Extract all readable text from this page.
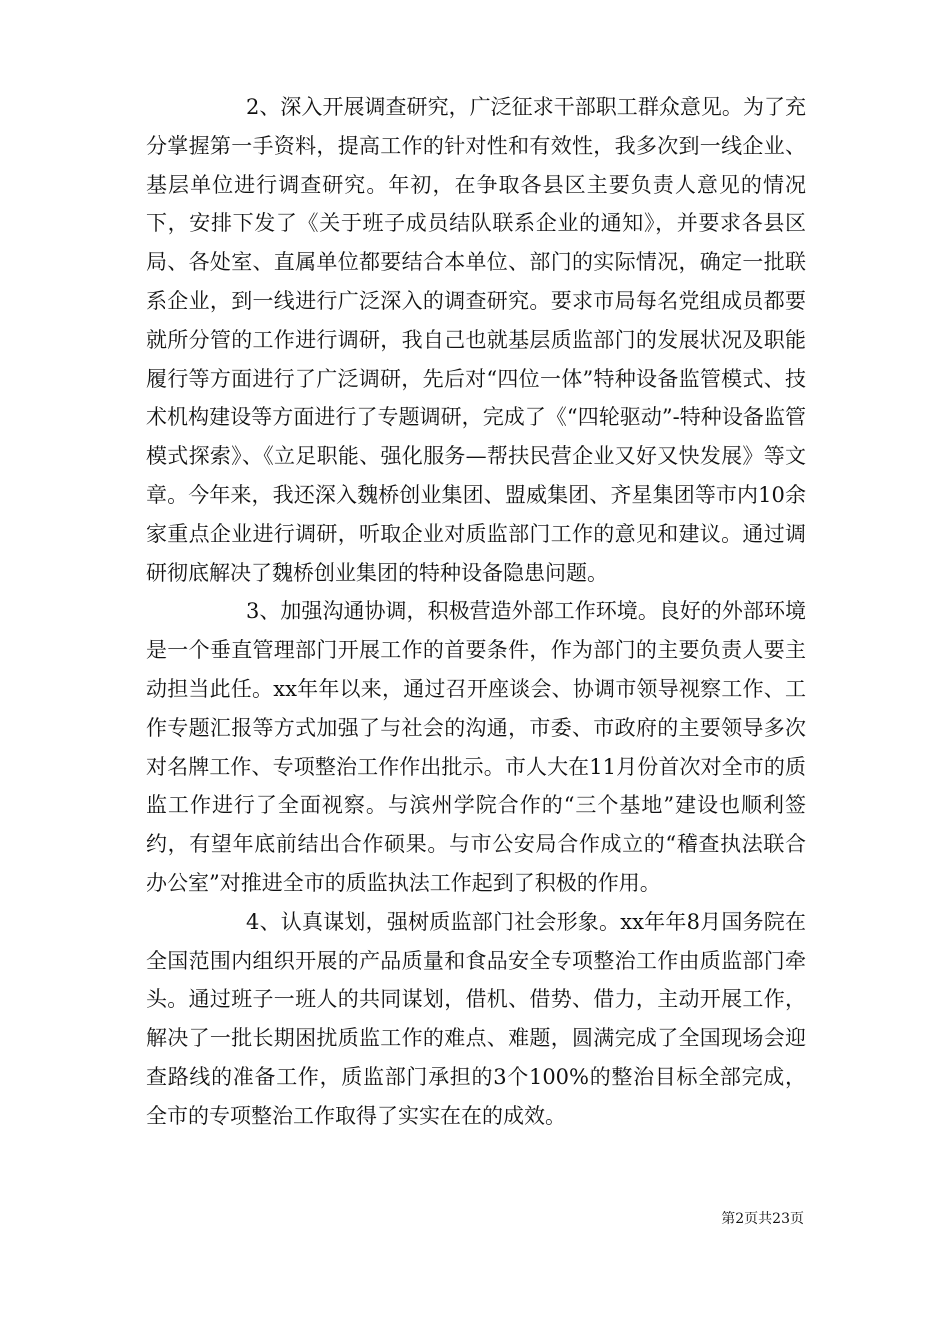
2、深入开展调查研究，广泛征求干部职工群众意见。为了充分掌握第一手资料，提高工作的针对性和有效性，我多次到一线企业、基层单位进行调查研究。年初，在争取各县区主要负责人意见的情况下，安排下发了《关于班子成员结队联系企业的通知》，并要求各县区局、各处室、直属单位都要结合本单位、部门的实际情况，确定一批联系企业，到一线进行广泛深入的调查研究。要求市局每名党组成员都要就所分管的工作进行调研，我自己也就基层质监部门的发展状况及职能履行等方面进行了广泛调研，先后对“四位一体”特种设备监管模式、技术机构建设等方面进行了专题调研，完成了《“四轮驱动”-特种设备监管模式探索》、《立足职能、强化服务—帮扶民营企业又好又快发展》等文章。今年来，我还深入魏桥创业集团、盟威集团、齐星集团等市内10余家重点企业进行调研，听取企业对质监部门工作的意见和建议。通过调研彻底解决了魏桥创业集团的特种设备隐患问题。

3、加强沟通协调，积极营造外部工作环境。良好的外部环境是一个垂直管理部门开展工作的首要条件，作为部门的主要负责人要主动担当此任。xx年年以来，通过召开座谈会、协调市领导视察工作、工作专题汇报等方式加强了与社会的沟通，市委、市政府的主要领导多次对名牌工作、专项整治工作作出批示。市人大在11月份首次对全市的质监工作进行了全面视察。与滨州学院合作的“三个基地”建设也顺利签约，有望年底前结出合作硕果。与市公安局合作成立的“稽查执法联合办公室”对推进全市的质监执法工作起到了积极的作用。

4、认真谋划，强树质监部门社会形象。xx年年8月国务院在全国范围内组织开展的产品质量和食品安全专项整治工作由质监部门牵头。通过班子一班人的共同谋划，借机、借势、借力，主动开展工作，解决了一批长期困扰质监工作的难点、难题，圆满完成了全国现场会迎查路线的准备工作，质监部门承担的3个100%的整治目标全部完成，全市的专项整治工作取得了实实在在的成效。

第2页共23页
